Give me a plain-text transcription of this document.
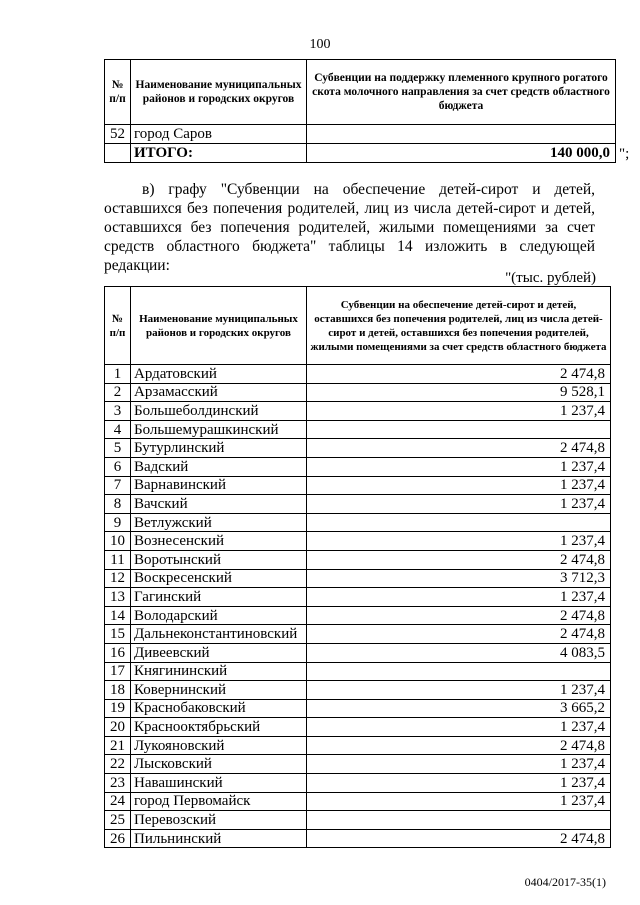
100
№ п/п	Наименование муниципальных районов и городских округов	Субвенции на поддержку племенного крупного рогатого скота молочного направления за счет средств областного бюджета
52	город Саров	
	ИТОГО:	140 000,0 ";
в) графу "Субвенции на обеспечение детей-сирот и детей, оставшихся без попечения родителей, лиц из числа детей-сирот и детей, оставшихся без попечения родителей, жилыми помещениями за счет средств областного бюджета" таблицы 14 изложить в следующей редакции:
"(тыс. рублей)
№ п/п	Наименование муниципальных районов и городских округов	Субвенции на обеспечение детей-сирот и детей, оставшихся без попечения родителей, лиц из числа детей-сирот и детей, оставшихся без попечения родителей, жилыми помещениями за счет средств областного бюджета
1	Ардатовский	2 474,8
2	Арзамасский	9 528,1
3	Большеболдинский	1 237,4
4	Большемурашкинский	
5	Бутурлинский	2 474,8
6	Вадский	1 237,4
7	Варнавинский	1 237,4
8	Вачский	1 237,4
9	Ветлужский	
10	Вознесенский	1 237,4
11	Воротынский	2 474,8
12	Воскресенский	3 712,3
13	Гагинский	1 237,4
14	Володарский	2 474,8
15	Дальнеконстантиновский	2 474,8
16	Дивеевский	4 083,5
17	Княгининский	
18	Ковернинский	1 237,4
19	Краснобаковский	3 665,2
20	Краснооктябрьский	1 237,4
21	Лукояновский	2 474,8
22	Лысковский	1 237,4
23	Навашинский	1 237,4
24	город Первомайск	1 237,4
25	Перевозский	
26	Пильнинский	2 474,8
0404/2017-35(1)
